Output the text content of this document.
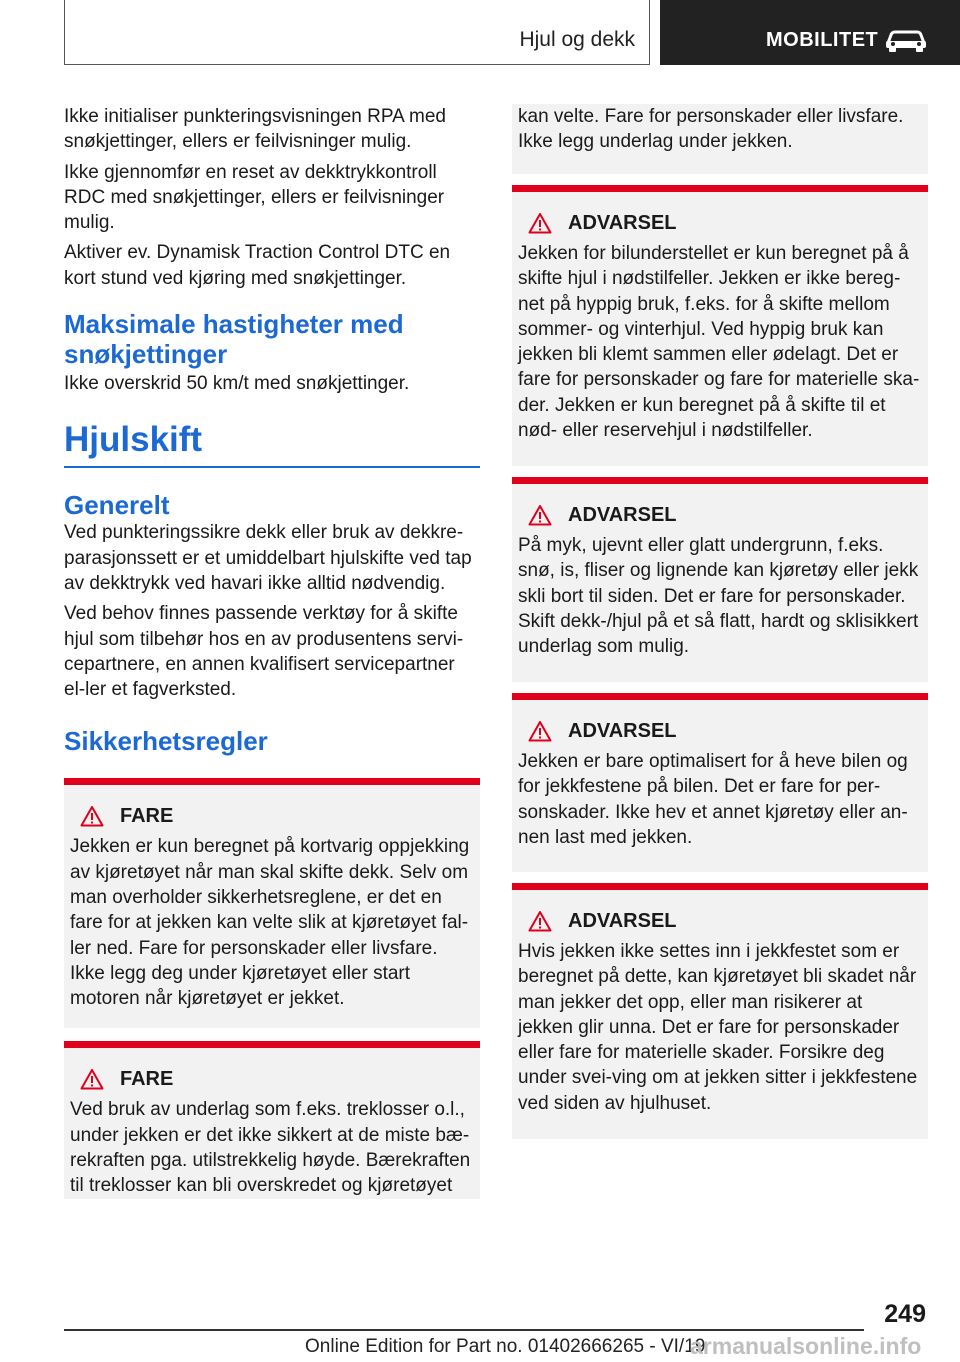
Hjul og dekk	MOBILITET

Ikke initialiser punkteringsvisningen RPA med snøkjettinger, ellers er feilvisninger mulig.

Ikke gjennomfør en reset av dekktrykkontroll RDC med snøkjettinger, ellers er feilvisninger mulig.

Aktiver ev. Dynamisk Traction Control DTC en kort stund ved kjøring med snøkjettinger.

Maksimale hastigheter med snøkjettinger

Ikke overskrid 50 km/t med snøkjettinger.

Hjulskift
Generelt

Ved punkteringssikre dekk eller bruk av dekkre-parasjonssett er et umiddelbart hjulskifte ved tap av dekktrykk ved havari ikke alltid nødvendig.

Ved behov finnes passende verktøy for å skifte hjul som tilbehør hos en av produsentens servi-cepartnere, en annen kvalifisert servicepartner el-ler et fagverksted.

Sikkerhetsregler
FARE

Jekken er kun beregnet på kortvarig oppjekking av kjøretøyet når man skal skifte dekk. Selv om man overholder sikkerhetsreglene, er det en fare for at jekken kan velte slik at kjøretøyet fal-ler ned. Fare for personskader eller livsfare. Ikke legg deg under kjøretøyet eller start motoren når kjøretøyet er jekket.

FARE

Ved bruk av underlag som f.eks. treklosser o.l., under jekken er det ikke sikkert at de miste bæ-rekraften pga. utilstrekkelig høyde. Bærekraften til treklosser kan bli overskredet og kjøretøyet

kan velte. Fare for personskader eller livsfare. Ikke legg underlag under jekken.

ADVARSEL

Jekken for bilunderstellet er kun beregnet på å skifte hjul i nødstilfeller. Jekken er ikke bereg-net på hyppig bruk, f.eks. for å skifte mellom sommer- og vinterhjul. Ved hyppig bruk kan jekken bli klemt sammen eller ødelagt. Det er fare for personskader og fare for materielle ska-der. Jekken er kun beregnet på å skifte til et nød- eller reservehjul i nødstilfeller.

ADVARSEL

På myk, ujevnt eller glatt undergrunn, f.eks. snø, is, fliser og lignende kan kjøretøy eller jekk skli bort til siden. Det er fare for personskader. Skift dekk-/hjul på et så flatt, hardt og sklisikkert underlag som mulig.

ADVARSEL

Jekken er bare optimalisert for å heve bilen og for jekkfestene på bilen. Det er fare for per-sonskader. Ikke hev et annet kjøretøy eller an-nen last med jekken.

ADVARSEL

Hvis jekken ikke settes inn i jekkfestet som er beregnet på dette, kan kjøretøyet bli skadet når man jekker det opp, eller man risikerer at jekken glir unna. Det er fare for personskader eller fare for materielle skader. Forsikre deg under svei-ving om at jekken sitter i jekkfestene ved siden av hjulhuset.

249
Online Edition for Part no. 01402666265 - VI/19
armanualsonline.info
